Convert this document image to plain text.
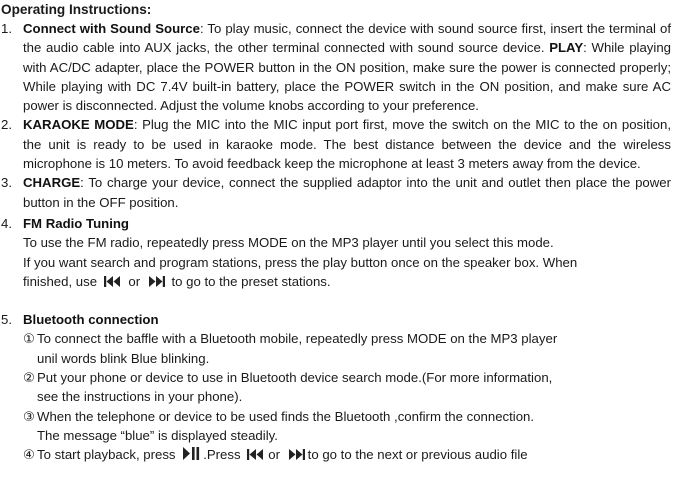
Operating Instructions:
1. Connect with Sound Source: To play music, connect the device with sound source first, insert the terminal of the audio cable into AUX jacks, the other terminal connected with sound source device. PLAY: While playing with AC/DC adapter, place the POWER button in the ON position, make sure the power is connected properly; While playing with DC 7.4V built-in battery, place the POWER switch in the ON position, and make sure AC power is disconnected. Adjust the volume knobs according to your preference.
2. KARAOKE MODE: Plug the MIC into the MIC input port first, move the switch on the MIC to the on position, the unit is ready to be used in karaoke mode. The best distance between the device and the wireless microphone is 10 meters. To avoid feedback keep the microphone at least 3 meters away from the device.
3. CHARGE: To charge your device, connect the supplied adaptor into the unit and outlet then place the power button in the OFF position.
4. FM Radio Tuning
To use the FM radio, repeatedly press MODE on the MP3 player until you select this mode.
If you want search and program stations, press the play button once on the speaker box. When
finished, use or to go to the preset stations.
5. Bluetooth connection
① To connect the baffle with a Bluetooth mobile, repeatedly press MODE on the MP3 player
unil words blink Blue blinking.
② Put your phone or device to use in Bluetooth device search mode.(For more information,
see the instructions in your phone).
③ When the telephone or device to be used finds the Bluetooth ,confirm the connection.
The message “blue” is displayed steadily.
④ To start playback, press .Press or to go to the next or previous audio file
